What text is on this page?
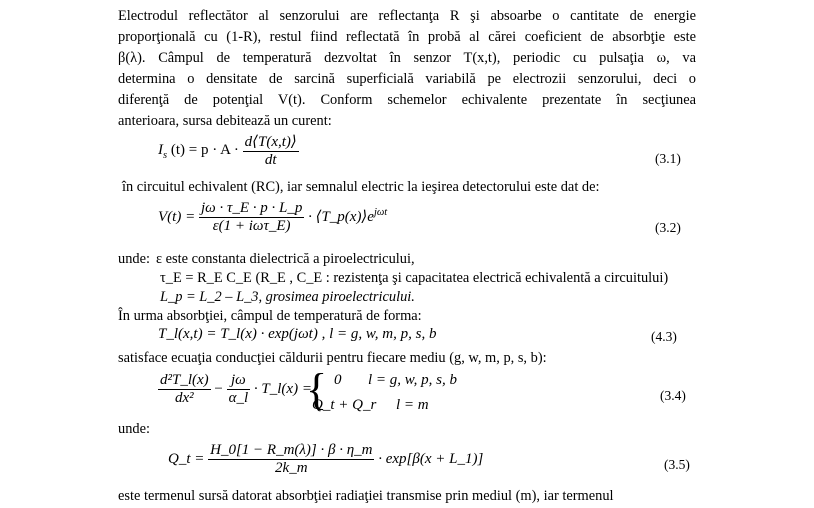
Electrodul reflectător al senzorului are reflectanţa R şi absoarbe o cantitate de energie
proporţională cu (1-R), restul fiind reflectată în probă al cărei coeficient de absorbţie este
β(λ). Câmpul de temperatură dezvoltat în senzor T(x,t), periodic cu pulsaţia ω, va
determina o densitate de sarcină superficială variabilă pe electrozii senzorului, deci o
diferenţă de potenţial V(t). Conform schemelor echivalente prezentate în secţiunea
anterioara, sursa debitează un curent:
$I_s$ $(t) = p \cdot A \cdot \frac{d⟨T(x,t)⟩}{dt}$	(3.1)
în circuitul echivalent (RC), iar semnalul electric la ieşirea detectorului este dat de:
$V(t) = \frac{j\omega \cdot \tau\_E \cdot p \cdot L\_p}{\text{ε(1 + iωτ\_E)}}$ · $⟨T\_p(x)⟩e^{j\omega t}$
(3.2)
unde: ε este constanta dielectrică a piroelectricului,
τ_E = R_E C_E (R_E , C_E : rezistenţa şi capacitatea electrică echivalentă a circuitului)
L_p = L_2 – L_3, grosimea piroelectricului.
În urma absorbţiei, câmpul de temperatură de forma:
T_l(x,t) = T_l(x) · exp(jωt) , l = g, w, m, p, s, b	(4.3)
satisface ecuaţia conducţiei căldurii pentru fiecare mediu (g, w, m, p, s, b):
$\frac{\text{d²T\_l(x)}}{\text{dx²}} - \frac{j\omega}{\alpha\_l}$ · T_l(x) =
{ 0 l = g, w, p, s, b
Q_t + Q_r l = m
(3.4)
unde:
Q_t = $\frac{H\_0[1 - R\_m(\lambda)] \cdot \beta \cdot \eta\_m}{2k\_m} \cdot \exp[\beta(x$ + L_1)]	(3.5)
este termenul sursă datorat absorbţiei radiaţiei transmise prin mediul (m), iar termenul
